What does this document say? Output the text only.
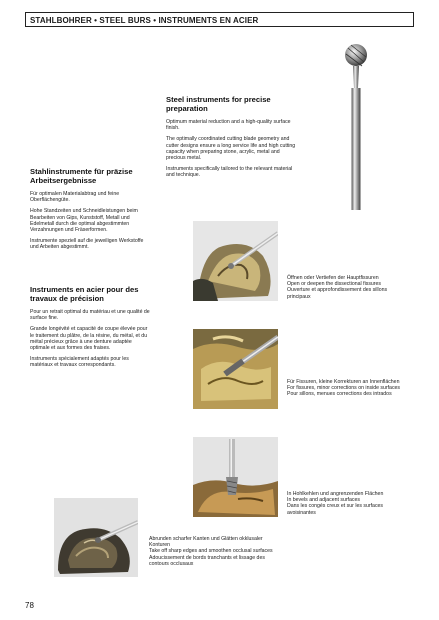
STAHLBOHRER • STEEL BURS • INSTRUMENTS EN ACIER
Steel instruments for precise
preparation

Optimum material reduction and a high-quality surface finish.

The optimally coordinated cutting blade geometry and cutter designs ensure a long service life and high cutting capacity when preparing stone, acrylic, metal and precious metal.

Instruments specifically tailored to the relevant material and technique.

Stahlinstrumente für präzise
Arbeitsergebnisse

Für optimalen Materialabtrag und feine Oberflächengüte.

Hohe Standzeiten und Schneidleistungen beim Bearbeiten von Gips, Kunststoff, Metall und Edelmetall durch die optimal abgestimmten Verzahnungen und Fräserformen.

Instrumente speziell auf die jeweiligen Werkstoffe und Arbeiten abgestimmt.

Instruments en acier pour des
travaux de précision

Pour un retrait optimal du matériau et une qualité de surface fine.

Grande longévité et capacité de coupe élevée pour le traitement du plâtre, de la résine, du métal, et du métal précieux grâce à une denture adaptée optimale et aux formes des fraises.

Instruments spécialement adaptés pour les matériaux et travaux correspondants.

Öffnen oder Vertiefen der Hauptfissuren
Open or deepen the dissectional fissures
Ouverture et approfondissement des sillons principaux
Für Fissuren, kleine Korrekturen an Innenflächen
For fissures, minor corrections on inside surfaces
Pour sillons, menues corrections des intrados
In Hohlkehlen und angrenzenden Flächen
In bevels and adjacent surfaces
Dans les congés creux et sur les surfaces avoisinantes
Abrunden scharfer Kanten und Glätten okklusaler Konturen
Take off sharp edges and smoothen occlusal surfaces
Adoucissement de bords tranchants et lissage des contours occlusaux
78
